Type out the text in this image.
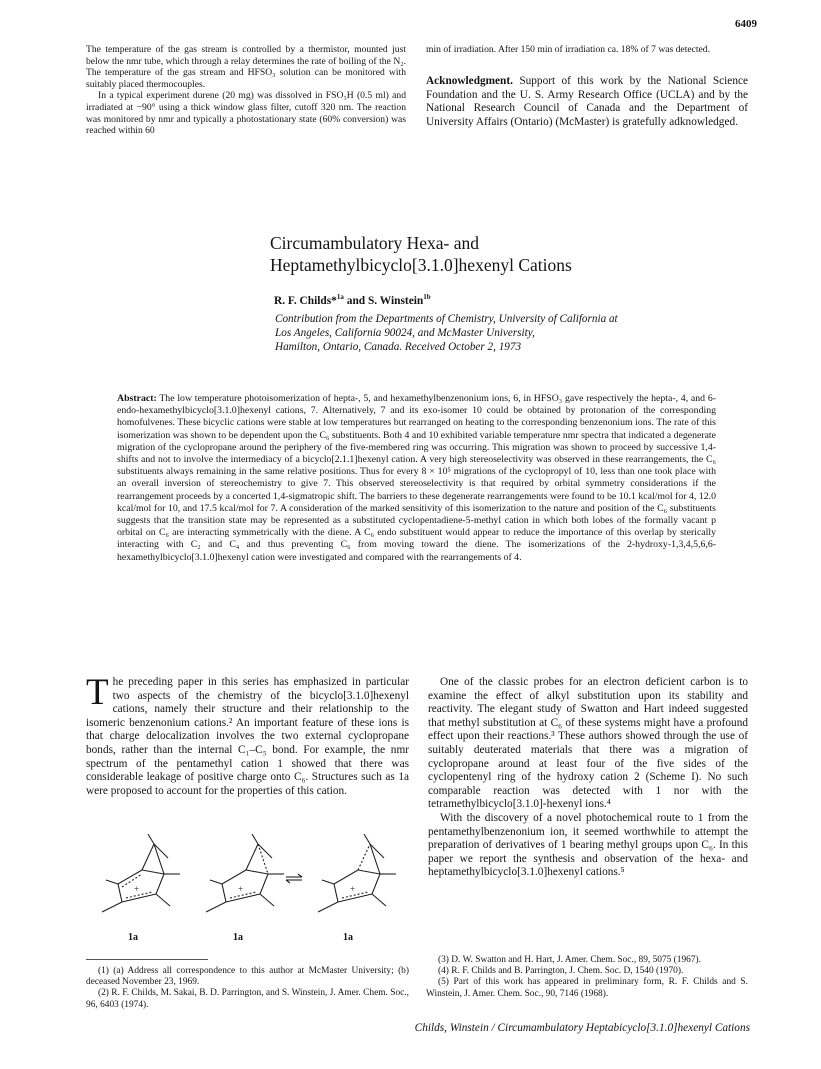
6409

The temperature of the gas stream is controlled by a thermistor, mounted just below the nmr tube, which through a relay determines the rate of boiling of the N₂. The temperature of the gas stream and HFSO₃ solution can be monitored with suitably placed thermocouples.

In a typical experiment durene (20 mg) was dissolved in FSO₃H (0.5 ml) and irradiated at −90° using a thick window glass filter, cutoff 320 nm. The reaction was monitored by nmr and typically a photostationary state (60% conversion) was reached within 60

min of irradiation. After 150 min of irradiation ca. 18% of 7 was detected.
Acknowledgment. Support of this work by the National Science Foundation and the U. S. Army Research Office (UCLA) and by the National Research Council of Canada and the Department of University Affairs (Ontario) (McMaster) is gratefully adknowledged.
Circumambulatory Hexa- and
Heptamethylbicyclo[3.1.0]hexenyl Cations
R. F. Childs*$^{1a}$ and S. Winstein$^{1b}$
Contribution from the Departments of Chemistry, University of California at
Los Angeles, California 90024, and McMaster University,
Hamilton, Ontario, Canada. Received October 2, 1973
Abstract: The low temperature photoisomerization of hepta-, 5, and hexamethylbenzenonium ions, 6, in HFSO₃ gave respectively the hepta-, 4, and 6-endo-hexamethylbicyclo[3.1.0]hexenyl cations, 7. Alternatively, 7 and its exo-isomer 10 could be obtained by protonation of the corresponding homofulvenes. These bicyclic cations were stable at low temperatures but rearranged on heating to the corresponding benzenonium ions. The rate of this isomerization was shown to be dependent upon the C₆ substituents. Both 4 and 10 exhibited variable temperature nmr spectra that indicated a degenerate migration of the cyclopropane around the periphery of the five-membered ring was occurring. This migration was shown to proceed by successive 1,4-shifts and not to involve the intermediacy of a bicyclo[2.1.1]hexenyl cation. A very high stereoselectivity was observed in these rearrangements, the C₆ substituents always remaining in the same relative positions. Thus for every 8 × 10⁵ migrations of the cyclopropyl of 10, less than one took place with an overall inversion of stereochemistry to give 7. This observed stereoselectivity is that required by orbital symmetry considerations if the rearrangement proceeds by a concerted 1,4-sigmatropic shift. The barriers to these degenerate rearrangements were found to be 10.1 kcal/mol for 4, 12.0 kcal/mol for 10, and 17.5 kcal/mol for 7. A consideration of the marked sensitivity of this isomerization to the nature and position of the C₆ substituents suggests that the transition state may be represented as a substituted cyclopentadiene-5-methyl cation in which both lobes of the formally vacant p orbital on C₆ are interacting symmetrically with the diene. A C₆ endo substituent would appear to reduce the importance of this overlap by sterically interacting with C₂ and C₄ and thus preventing C₆ from moving toward the diene. The isomerizations of the 2-hydroxy-1,3,4,5,6,6-hexamethylbicyclo[3.1.0]hexenyl cation were investigated and compared with the rearrangements of 4.
The preceding paper in this series has emphasized in particular two aspects of the chemistry of the bicyclo[3.1.0]hexenyl cations, namely their structure and their relationship to the isomeric benzenonium cations.² An important feature of these ions is that charge delocalization involves the two external cyclopropane bonds, rather than the internal C₁–C₅ bond. For example, the nmr spectrum of the pentamethyl cation 1 showed that there was considerable leakage of positive charge onto C₆. Structures such as 1a were proposed to account for the properties of this cation.
+	+	+
1a	1a	1a

One of the classic probes for an electron deficient carbon is to examine the effect of alkyl substitution upon its stability and reactivity. The elegant study of Swatton and Hart indeed suggested that methyl substitution at C₆ of these systems might have a profound effect upon their reactions.³ These authors showed through the use of suitably deuterated materials that there was a migration of cyclopropane around at least four of the five sides of the cyclopentenyl ring of the hydroxy cation 2 (Scheme I). No such comparable reaction was detected with 1 nor with the tetramethylbicyclo[3.1.0]-hexenyl ions.⁴

With the discovery of a novel photochemical route to 1 from the pentamethylbenzenonium ion, it seemed worthwhile to attempt the preparation of derivatives of 1 bearing methyl groups upon C₆. In this paper we report the synthesis and observation of the hexa- and heptamethylbicyclo[3.1.0]hexenyl cations.⁵

(1) (a) Address all correspondence to this author at McMaster University; (b) deceased November 23, 1969.

(2) R. F. Childs, M. Sakai, B. D. Parrington, and S. Winstein, J. Amer. Chem. Soc., 96, 6403 (1974).

(3) D. W. Swatton and H. Hart, J. Amer. Chem. Soc., 89, 5075 (1967).

(4) R. F. Childs and B. Parrington, J. Chem. Soc. D, 1540 (1970).

(5) Part of this work has appeared in preliminary form, R. F. Childs and S. Winstein, J. Amer. Chem. Soc., 90, 7146 (1968).

Childs, Winstein / Circumambulatory Heptabicyclo[3.1.0]hexenyl Cations
